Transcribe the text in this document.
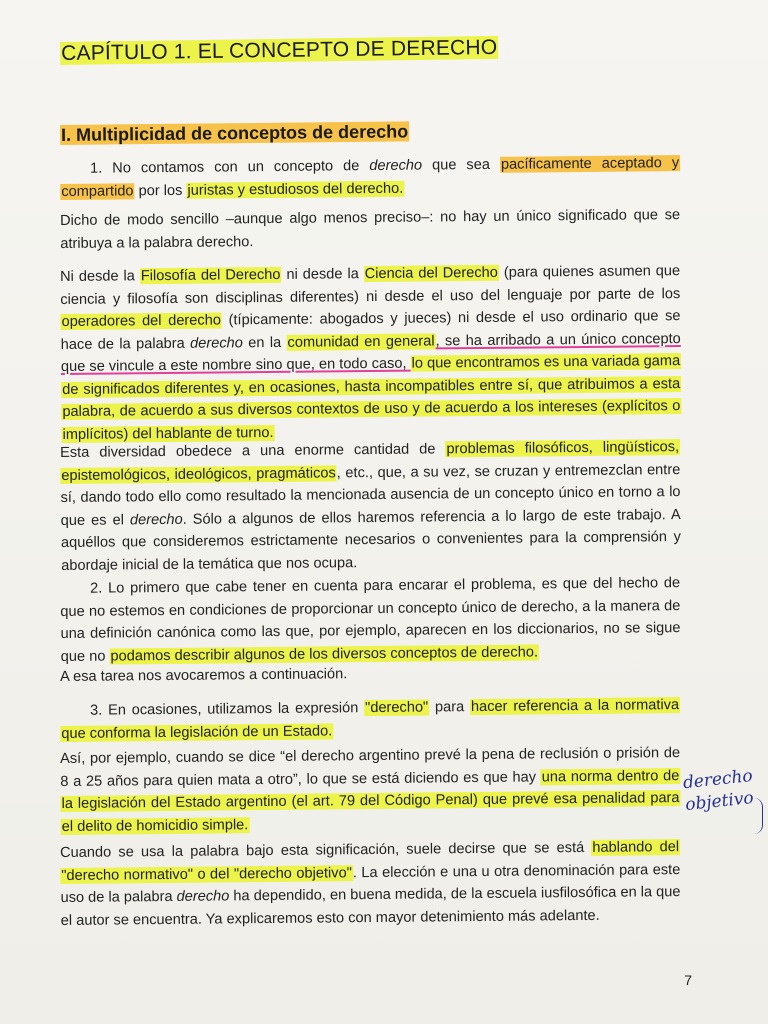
CAPÍTULO 1. EL CONCEPTO DE DERECHO
I. Multiplicidad de conceptos de derecho

1. No contamos con un concepto de derecho que sea pacíficamente aceptado y compartido por los juristas y estudiosos del derecho.

Dicho de modo sencillo –aunque algo menos preciso–: no hay un único significado que se atribuya a la palabra derecho.

Ni desde la Filosofía del Derecho ni desde la Ciencia del Derecho (para quienes asumen que ciencia y filosofía son disciplinas diferentes) ni desde el uso del lenguaje por parte de los operadores del derecho (típicamente: abogados y jueces) ni desde el uso ordinario que se hace de la palabra derecho en la comunidad en general, se ha arribado a un único concepto que se vincule a este nombre sino que, en todo caso, lo que encontramos es una variada gama de significados diferentes y, en ocasiones, hasta incompatibles entre sí, que atribuimos a esta palabra, de acuerdo a sus diversos contextos de uso y de acuerdo a los intereses (explícitos o implícitos) del hablante de turno.

Esta diversidad obedece a una enorme cantidad de problemas filosóficos, lingüísticos, epistemológicos, ideológicos, pragmáticos, etc., que, a su vez, se cruzan y entremezclan entre sí, dando todo ello como resultado la mencionada ausencia de un concepto único en torno a lo que es el derecho. Sólo a algunos de ellos haremos referencia a lo largo de este trabajo. A aquéllos que consideremos estrictamente necesarios o convenientes para la comprensión y abordaje inicial de la temática que nos ocupa.

2. Lo primero que cabe tener en cuenta para encarar el problema, es que del hecho de que no estemos en condiciones de proporcionar un concepto único de derecho, a la manera de una definición canónica como las que, por ejemplo, aparecen en los diccionarios, no se sigue que no podamos describir algunos de los diversos conceptos de derecho.

A esa tarea nos avocaremos a continuación.

3. En ocasiones, utilizamos la expresión "derecho" para hacer referencia a la normativa que conforma la legislación de un Estado.

Así, por ejemplo, cuando se dice “el derecho argentino prevé la pena de reclusión o prisión de 8 a 25 años para quien mata a otro”, lo que se está diciendo es que hay una norma dentro de la legislación del Estado argentino (el art. 79 del Código Penal) que prevé esa penalidad para el delito de homicidio simple.

Cuando se usa la palabra bajo esta significación, suele decirse que se está hablando del "derecho normativo" o del "derecho objetivo". La elección e una u otra denominación para este uso de la palabra derecho ha dependido, en buena medida, de la escuela iusfilosófica en la que el autor se encuentra. Ya explicaremos esto con mayor detenimiento más adelante.

derecho
objetivo
7
